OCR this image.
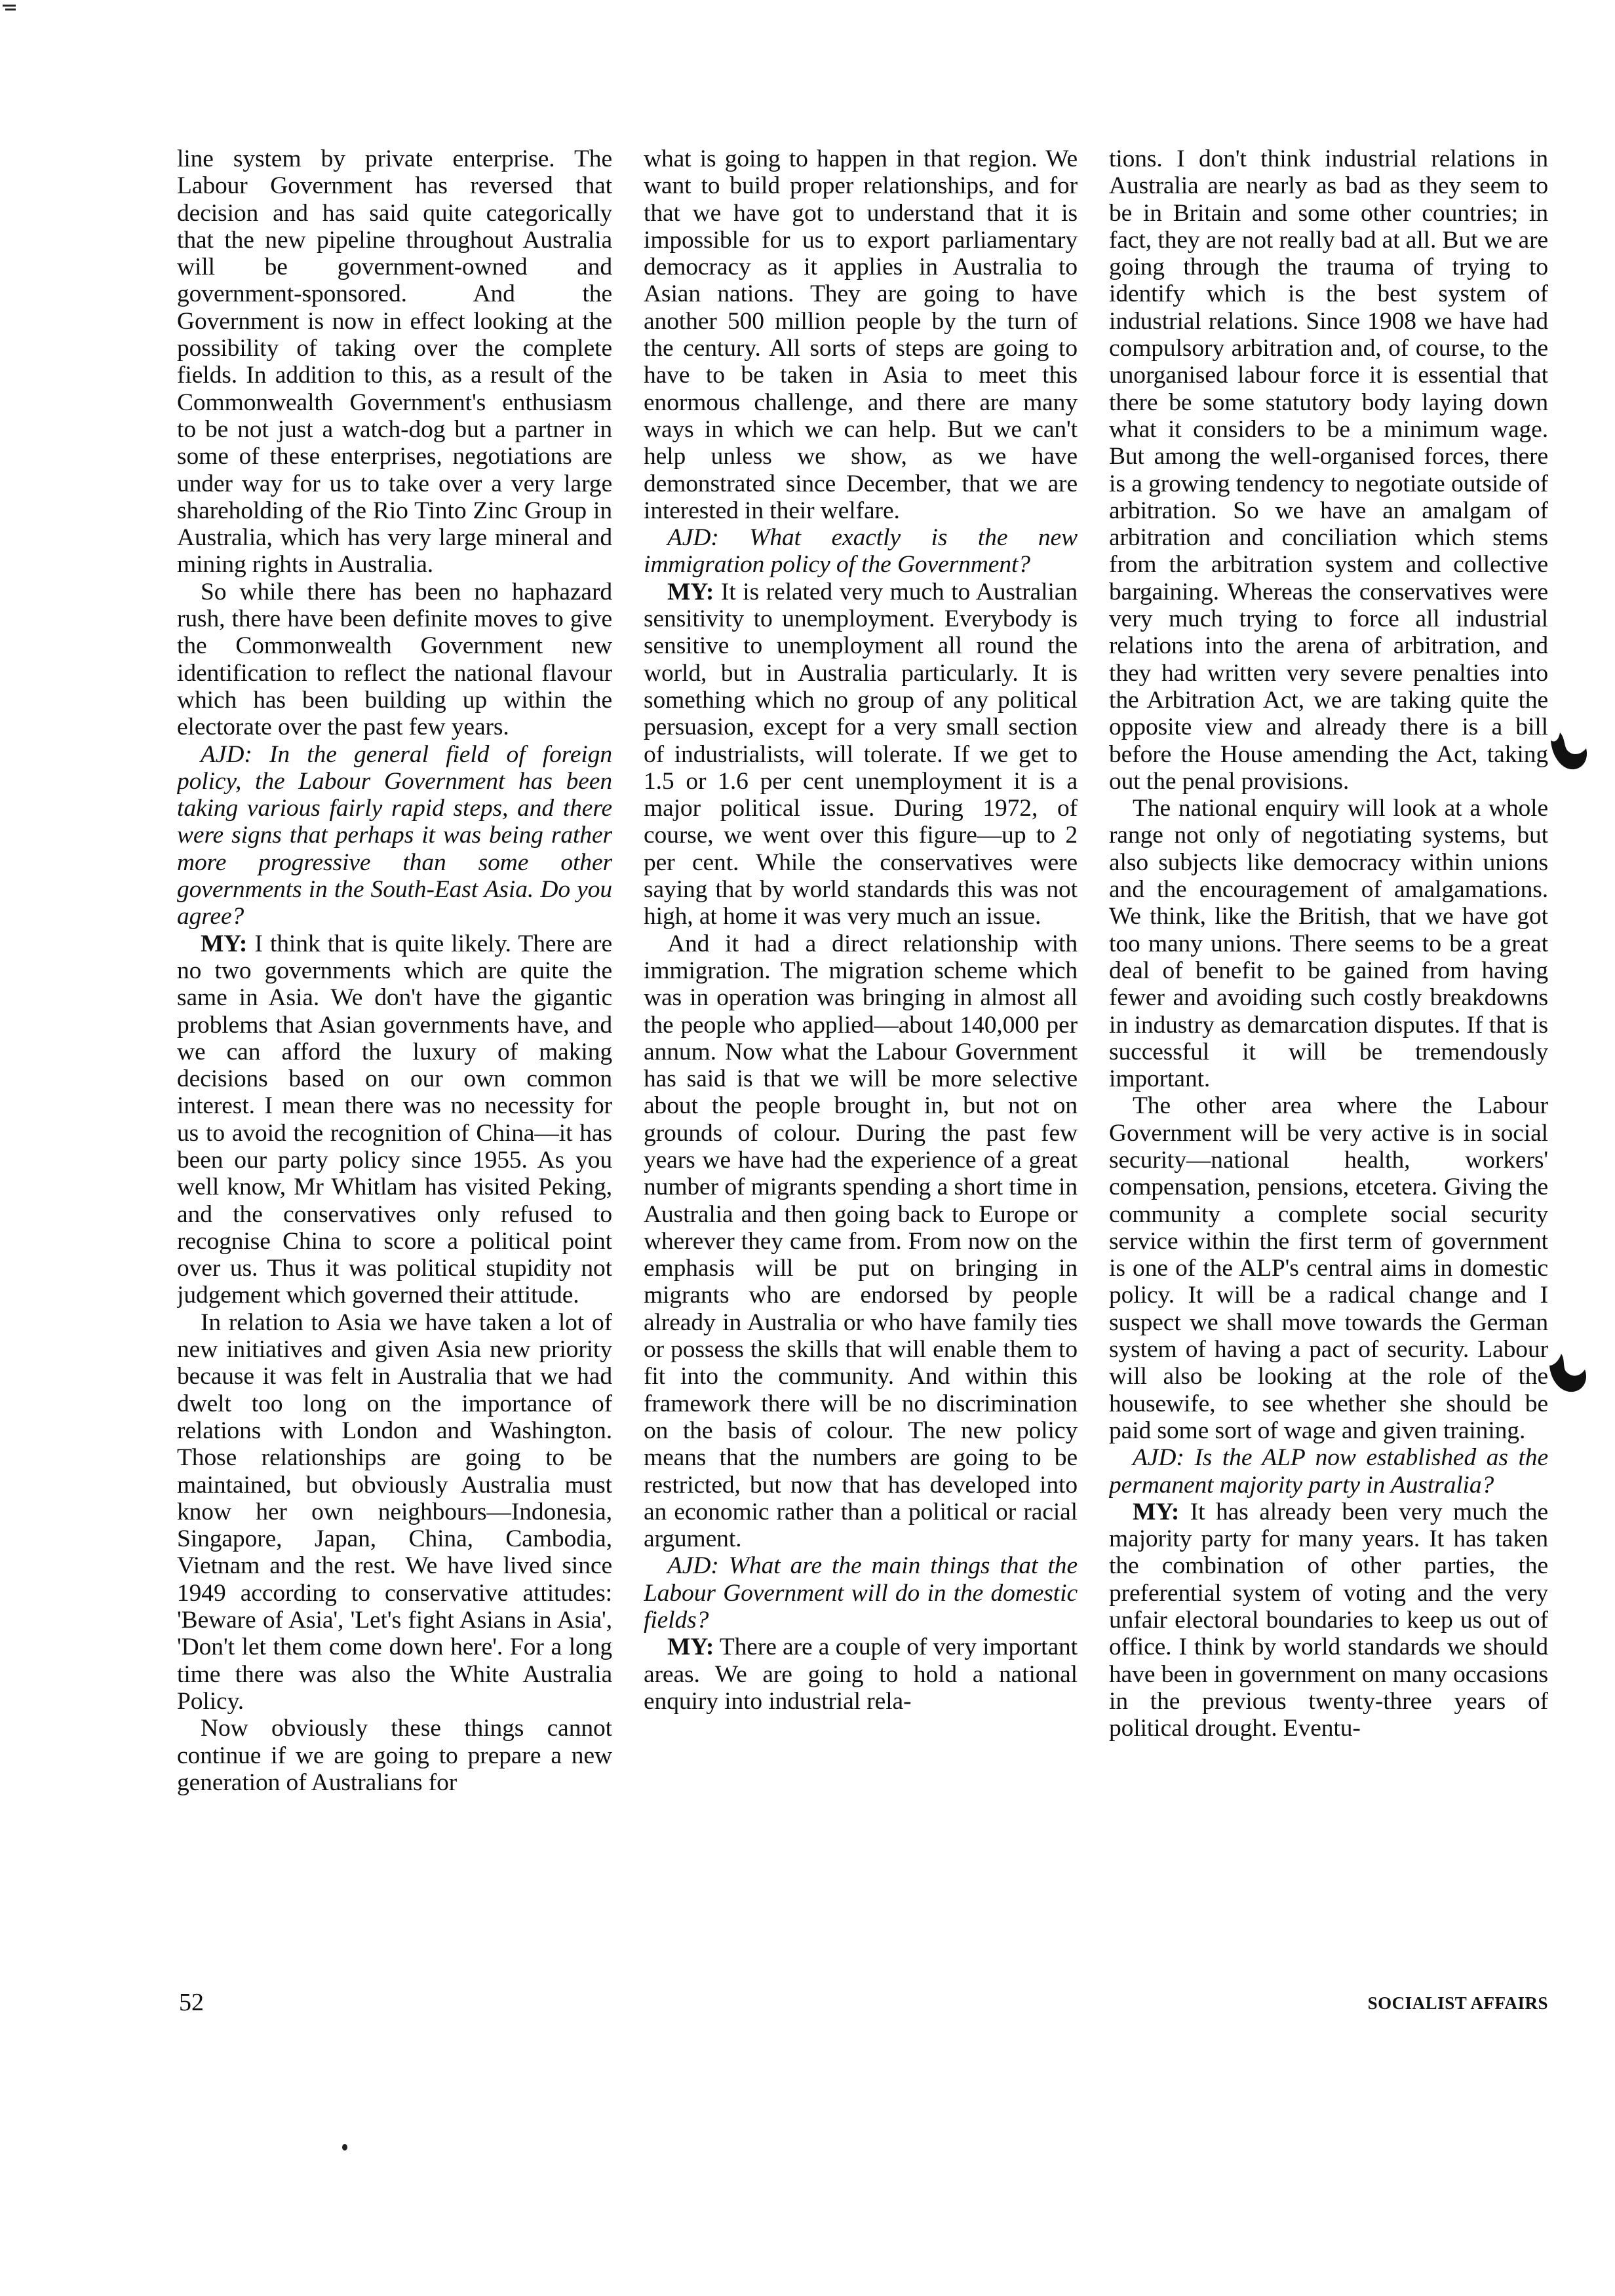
line system by private enterprise. The Labour Government has reversed that decision and has said quite categorically that the new pipeline throughout Australia will be government-owned and government-sponsored. And the Government is now in effect looking at the possibility of taking over the complete fields. In addition to this, as a result of the Commonwealth Government's enthusiasm to be not just a watch-dog but a partner in some of these enterprises, negotiations are under way for us to take over a very large shareholding of the Rio Tinto Zinc Group in Australia, which has very large mineral and mining rights in Australia.

So while there has been no haphazard rush, there have been definite moves to give the Commonwealth Government new identification to reflect the national flavour which has been building up within the electorate over the past few years.

AJD: In the general field of foreign policy, the Labour Government has been taking various fairly rapid steps, and there were signs that perhaps it was being rather more progressive than some other governments in the South-East Asia. Do you agree?

MY: I think that is quite likely. There are no two governments which are quite the same in Asia. We don't have the gigantic problems that Asian governments have, and we can afford the luxury of making decisions based on our own common interest. I mean there was no necessity for us to avoid the recognition of China—it has been our party policy since 1955. As you well know, Mr Whitlam has visited Peking, and the conservatives only refused to recognise China to score a political point over us. Thus it was political stupidity not judgement which governed their attitude.

In relation to Asia we have taken a lot of new initiatives and given Asia new priority because it was felt in Australia that we had dwelt too long on the importance of relations with London and Washington. Those relationships are going to be maintained, but obviously Australia must know her own neighbours—Indonesia, Singapore, Japan, China, Cambodia, Vietnam and the rest. We have lived since 1949 according to conservative attitudes: 'Beware of Asia', 'Let's fight Asians in Asia', 'Don't let them come down here'. For a long time there was also the White Australia Policy.

Now obviously these things cannot continue if we are going to prepare a new generation of Australians for

what is going to happen in that region. We want to build proper relationships, and for that we have got to understand that it is impossible for us to export parliamentary democracy as it applies in Australia to Asian nations. They are going to have another 500 million people by the turn of the century. All sorts of steps are going to have to be taken in Asia to meet this enormous challenge, and there are many ways in which we can help. But we can't help unless we show, as we have demonstrated since December, that we are interested in their welfare.

AJD: What exactly is the new immigration policy of the Government?

MY: It is related very much to Australian sensitivity to unemployment. Everybody is sensitive to unemployment all round the world, but in Australia particularly. It is something which no group of any political persuasion, except for a very small section of industrialists, will tolerate. If we get to 1.5 or 1.6 per cent unemployment it is a major political issue. During 1972, of course, we went over this figure—up to 2 per cent. While the conservatives were saying that by world standards this was not high, at home it was very much an issue.

And it had a direct relationship with immigration. The migration scheme which was in operation was bringing in almost all the people who applied—about 140,000 per annum. Now what the Labour Government has said is that we will be more selective about the people brought in, but not on grounds of colour. During the past few years we have had the experience of a great number of migrants spending a short time in Australia and then going back to Europe or wherever they came from. From now on the emphasis will be put on bringing in migrants who are endorsed by people already in Australia or who have family ties or possess the skills that will enable them to fit into the community. And within this framework there will be no discrimination on the basis of colour. The new policy means that the numbers are going to be restricted, but now that has developed into an economic rather than a political or racial argument.

AJD: What are the main things that the Labour Government will do in the domestic fields?

MY: There are a couple of very important areas. We are going to hold a national enquiry into industrial rela-

tions. I don't think industrial relations in Australia are nearly as bad as they seem to be in Britain and some other countries; in fact, they are not really bad at all. But we are going through the trauma of trying to identify which is the best system of industrial relations. Since 1908 we have had compulsory arbitration and, of course, to the unorganised labour force it is essential that there be some statutory body laying down what it considers to be a minimum wage. But among the well-organised forces, there is a growing tendency to negotiate outside of arbitration. So we have an amalgam of arbitration and conciliation which stems from the arbitration system and collective bargaining. Whereas the conservatives were very much trying to force all industrial relations into the arena of arbitration, and they had written very severe penalties into the Arbitration Act, we are taking quite the opposite view and already there is a bill before the House amending the Act, taking out the penal provisions.

The national enquiry will look at a whole range not only of negotiating systems, but also subjects like democracy within unions and the encouragement of amalgamations. We think, like the British, that we have got too many unions. There seems to be a great deal of benefit to be gained from having fewer and avoiding such costly breakdowns in industry as demarcation disputes. If that is successful it will be tremendously important.

The other area where the Labour Government will be very active is in social security—national health, workers' compensation, pensions, etcetera. Giving the community a complete social security service within the first term of government is one of the ALP's central aims in domestic policy. It will be a radical change and I suspect we shall move towards the German system of having a pact of security. Labour will also be looking at the role of the housewife, to see whether she should be paid some sort of wage and given training.

AJD: Is the ALP now established as the permanent majority party in Australia?

MY: It has already been very much the majority party for many years. It has taken the combination of other parties, the preferential system of voting and the very unfair electoral boundaries to keep us out of office. I think by world standards we should have been in government on many occasions in the previous twenty-three years of political drought. Eventu-

52	SOCIALIST AFFAIRS
